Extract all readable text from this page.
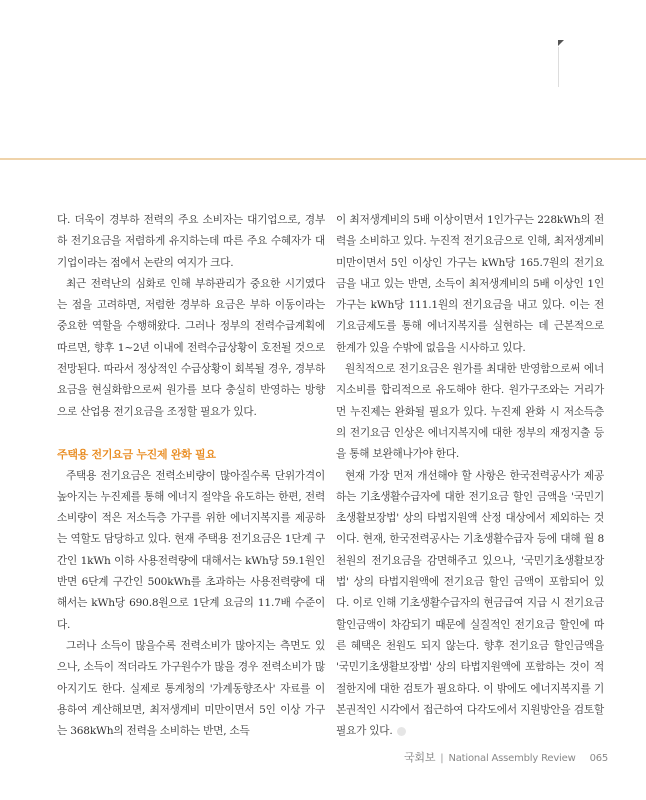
다. 더욱이 경부하 전력의 주요 소비자는 대기업으로, 경부하 전기요금을 저렴하게 유지하는데 따른 주요 수혜자가 대기업이라는 점에서 논란의 여지가 크다.

최근 전력난의 심화로 인해 부하관리가 중요한 시기였다는 점을 고려하면, 저렴한 경부하 요금은 부하 이동이라는 중요한 역할을 수행해왔다. 그러나 정부의 전력수급계획에 따르면, 향후 1~2년 이내에 전력수급상황이 호전될 것으로 전망된다. 따라서 정상적인 수급상황이 회복될 경우, 경부하요금을 현실화함으로써 원가를 보다 충실히 반영하는 방향으로 산업용 전기요금을 조정할 필요가 있다.

주택용 전기요금 누진제 완화 필요

주택용 전기요금은 전력소비량이 많아질수록 단위가격이 높아지는 누진제를 통해 에너지 절약을 유도하는 한편, 전력소비량이 적은 저소득층 가구를 위한 에너지복지를 제공하는 역할도 담당하고 있다. 현재 주택용 전기요금은 1단계 구간인 1kWh 이하 사용전력량에 대해서는 kWh당 59.1원인 반면 6단계 구간인 500kWh를 초과하는 사용전력량에 대해서는 kWh당 690.8원으로 1단계 요금의 11.7배 수준이다.

그러나 소득이 많을수록 전력소비가 많아지는 측면도 있으나, 소득이 적더라도 가구원수가 많을 경우 전력소비가 많아지기도 한다. 실제로 통계청의 '가계동향조사' 자료를 이용하여 계산해보면, 최저생계비 미만이면서 5인 이상 가구는 368kWh의 전력을 소비하는 반면, 소득

이 최저생계비의 5배 이상이면서 1인가구는 228kWh의 전력을 소비하고 있다. 누진적 전기요금으로 인해, 최저생계비 미만이면서 5인 이상인 가구는 kWh당 165.7원의 전기요금을 내고 있는 반면, 소득이 최저생계비의 5배 이상인 1인가구는 kWh당 111.1원의 전기요금을 내고 있다. 이는 전기요금제도를 통해 에너지복지를 실현하는 데 근본적으로 한계가 있을 수밖에 없음을 시사하고 있다.

원칙적으로 전기요금은 원가를 최대한 반영함으로써 에너지소비를 합리적으로 유도해야 한다. 원가구조와는 거리가 먼 누진제는 완화될 필요가 있다. 누진제 완화 시 저소득층의 전기요금 인상은 에너지복지에 대한 정부의 재정지출 등을 통해 보완해나가야 한다.

현재 가장 먼저 개선해야 할 사항은 한국전력공사가 제공하는 기초생활수급자에 대한 전기요금 할인 금액을 '국민기초생활보장법' 상의 타법지원액 산정 대상에서 제외하는 것이다. 현재, 한국전력공사는 기초생활수급자 등에 대해 월 8천원의 전기요금을 감면해주고 있으나, '국민기초생활보장법' 상의 타법지원액에 전기요금 할인 금액이 포함되어 있다. 이로 인해 기초생활수급자의 현금급여 지급 시 전기요금 할인금액이 차감되기 때문에 실질적인 전기요금 할인에 따른 혜택은 천원도 되지 않는다. 향후 전기요금 할인금액을 '국민기초생활보장법' 상의 타법지원액에 포함하는 것이 적절한지에 대한 검토가 필요하다. 이 밖에도 에너지복지를 기본권적인 시각에서 접근하여 다각도에서 지원방안을 검토할 필요가 있다.

국회보 | National Assembly Review 065
